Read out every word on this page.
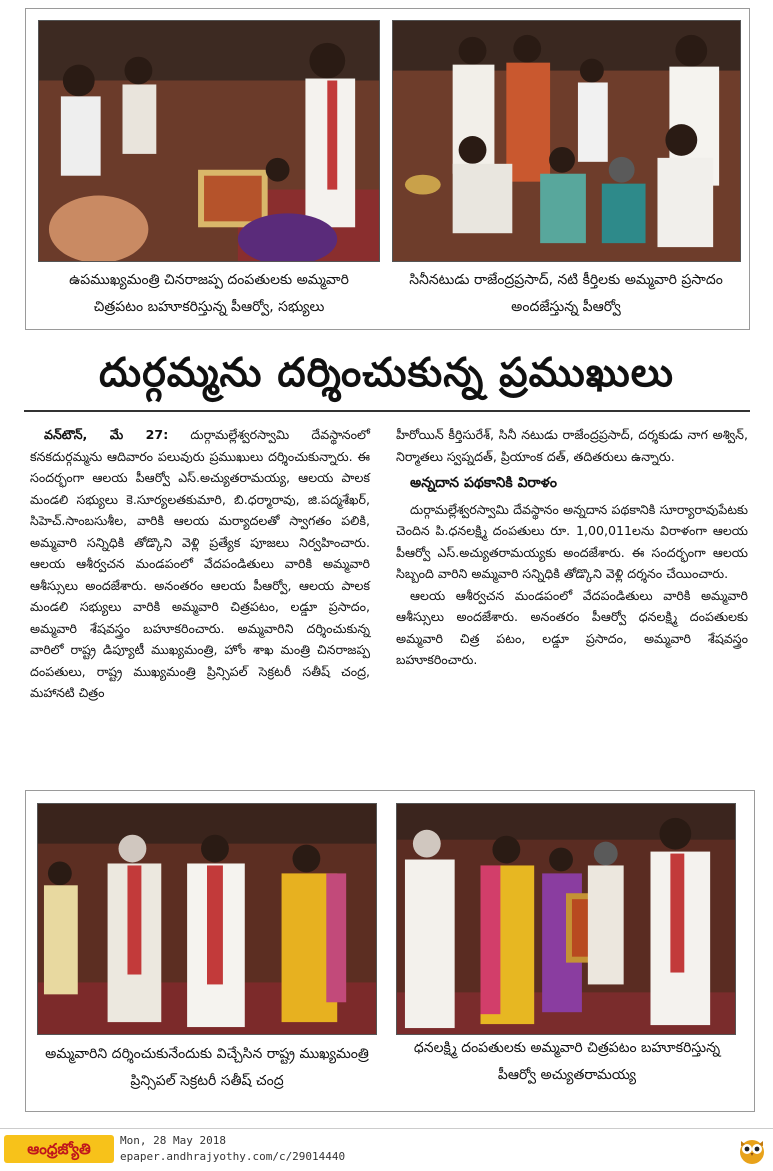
ఉపముఖ్యమంత్రి చినరాజప్ప దంపతులకు అమ్మవారి చిత్రపటం బహూకరిస్తున్న పీఆర్వో, సభ్యులు
సినీనటుడు రాజేంద్రప్రసాద్, నటి కీర్తిలకు అమ్మవారి ప్రసాదం అందజేస్తున్న పీఆర్వో
దుర్గమ్మను దర్శించుకున్న ప్రముఖులు

వన్‌టౌన్, మే 27: దుర్గామల్లేశ్వరస్వామి దేవస్థానంలో కనకదుర్గమ్మను ఆదివారం పలువురు ప్రముఖులు దర్శించుకున్నారు. ఈ సందర్భంగా ఆలయ పీఆర్వో ఎస్.అచ్యుతరామయ్య, ఆలయ పాలక మండలి సభ్యులు కె.సూర్యలతకుమారి, బి.ధర్మారావు, జి.పద్మశేఖర్, సిహెచ్.సాంబసుశీల, వారికి ఆలయ మర్యాదలతో స్వాగతం పలికి, అమ్మవారి సన్నిధికి తోడ్కొని వెళ్లి ప్రత్యేక పూజలు నిర్వహించారు. ఆలయ ఆశీర్వచన మండపంలో వేదపండితులు వారికి అమ్మవారి ఆశీస్సులు అందజేశారు. అనంతరం ఆలయ పీఆర్వో, ఆలయ పాలక మండలి సభ్యులు వారికి అమ్మవారి చిత్రపటం, లడ్డూ ప్రసాదం, అమ్మవారి శేషవస్త్రం బహూకరించారు. అమ్మవారిని దర్శించుకున్న వారిలో రాష్ట్ర డిప్యూటీ ముఖ్యమంత్రి, హోం శాఖ మంత్రి చినరాజప్ప దంపతులు, రాష్ట్ర ముఖ్యమంత్రి ప్రిన్సిపల్ సెక్రటరీ సతీష్ చంద్ర, మహానటి చిత్రం

హీరోయిన్ కీర్తిసురేశ్, సినీ నటుడు రాజేంద్రప్రసాద్, దర్శకుడు నాగ అశ్విన్, నిర్మాతలు స్వప్నదత్, ప్రియాంక దత్, తదితరులు ఉన్నారు.

అన్నదాన పథకానికి విరాళం

దుర్గామల్లేశ్వరస్వామి దేవస్థానం అన్నదాన పథకానికి సూర్యారావుపేటకు చెందిన పి.ధనలక్ష్మి దంపతులు రూ. 1,00,011లను విరాళంగా ఆలయ పీఆర్వో ఎస్.అచ్యుతరామయ్యకు అందజేశారు. ఈ సందర్భంగా ఆలయ సిబ్బంది వారిని అమ్మవారి సన్నిధికి తోడ్కొని వెళ్లి దర్శనం చేయించారు.

ఆలయ ఆశీర్వచన మండపంలో వేదపండితులు వారికి అమ్మవారి ఆశీస్సులు అందజేశారు. అనంతరం పీఆర్వో ధనలక్ష్మి దంపతులకు అమ్మవారి చిత్ర పటం, లడ్డూ ప్రసాదం, అమ్మవారి శేషవస్త్రం బహూకరించారు.

అమ్మవారిని దర్శించుకునేందుకు విచ్చేసిన రాష్ట్ర ముఖ్యమంత్రి ప్రిన్సిపల్ సెక్రటరీ సతీష్ చంద్ర
ధనలక్ష్మి దంపతులకు అమ్మవారి చిత్రపటం బహూకరిస్తున్న పీఆర్వో అచ్యుతరామయ్య
ఆంధ్రజ్యోతి	Mon, 28 May 2018
epaper.andhrajyothy.com/c/29014440
